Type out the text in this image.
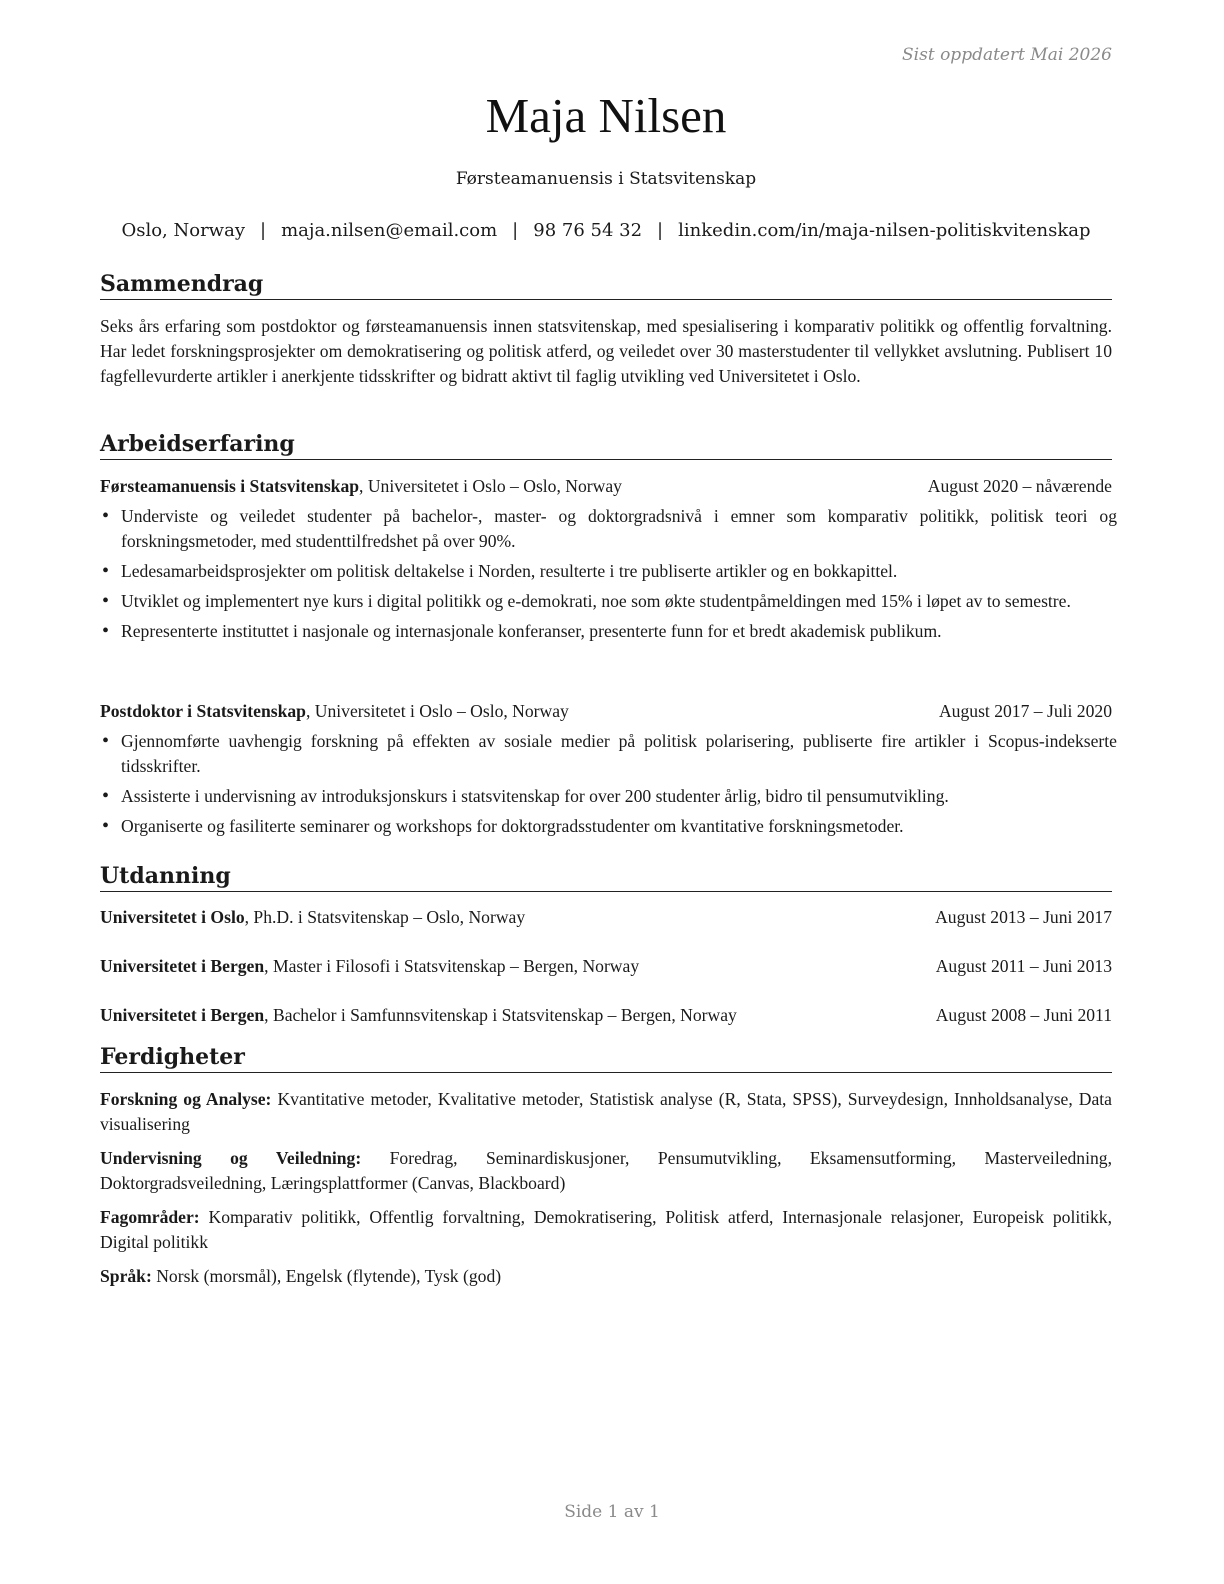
Sist oppdatert Mai 2026
Maja Nilsen
Førsteamanuensis i Statsvitenskap
Oslo, Norway | maja.nilsen@email.com | 98 76 54 32 | linkedin.com/in/maja-nilsen-politiskvitenskap
Sammendrag
Seks års erfaring som postdoktor og førsteamanuensis innen statsvitenskap, med spesialisering i komparativ politikk og offentlig forvaltning. Har ledet forskningsprosjekter om demokratisering og politisk atferd, og veiledet over 30 masterstudenter til vellykket avslutning. Publisert 10 fagfellevurderte artikler i anerkjente tidsskrifter og bidratt aktivt til faglig utvikling ved Universitetet i Oslo.
Arbeidserfaring
Førsteamanuensis i Statsvitenskap, Universitetet i Oslo – Oslo, Norway	August 2020 – nåværende
• Underviste og veiledet studenter på bachelor-, master- og doktorgradsnivå i emner som komparativ politikk, politisk teori og forskningsmetoder, med studenttilfredshet på over 90%.
• Ledesamarbeidsprosjekter om politisk deltakelse i Norden, resulterte i tre publiserte artikler og en bokkapittel.
• Utviklet og implementert nye kurs i digital politikk og e-demokrati, noe som økte studentpåmeldingen med 15% i løpet av to semestre.
• Representerte instituttet i nasjonale og internasjonale konferanser, presenterte funn for et bredt akademisk publikum.
Postdoktor i Statsvitenskap, Universitetet i Oslo – Oslo, Norway	August 2017 – Juli 2020
• Gjennomførte uavhengig forskning på effekten av sosiale medier på politisk polarisering, publiserte fire artikler i Scopus-indekserte tidsskrifter.
• Assisterte i undervisning av introduksjonskurs i statsvitenskap for over 200 studenter årlig, bidro til pensumutvikling.
• Organiserte og fasiliterte seminarer og workshops for doktorgradsstudenter om kvantitative forskningsmetoder.
Utdanning
Universitetet i Oslo, Ph.D. i Statsvitenskap – Oslo, Norway	August 2013 – Juni 2017
Universitetet i Bergen, Master i Filosofi i Statsvitenskap – Bergen, Norway	August 2011 – Juni 2013
Universitetet i Bergen, Bachelor i Samfunnsvitenskap i Statsvitenskap – Bergen, Norway	August 2008 – Juni 2011
Ferdigheter
Forskning og Analyse: Kvantitative metoder, Kvalitative metoder, Statistisk analyse (R, Stata, SPSS), Surveydesign, Innholdsanalyse, Data visualisering
Undervisning og Veiledning: Foredrag, Seminardiskusjoner, Pensumutvikling, Eksamensutforming, Masterveiledning, Doktorgradsveiledning, Læringsplattformer (Canvas, Blackboard)
Fagområder: Komparativ politikk, Offentlig forvaltning, Demokratisering, Politisk atferd, Internasjonale relasjoner, Europeisk politikk, Digital politikk
Språk: Norsk (morsmål), Engelsk (flytende), Tysk (god)
Side 1 av 1
